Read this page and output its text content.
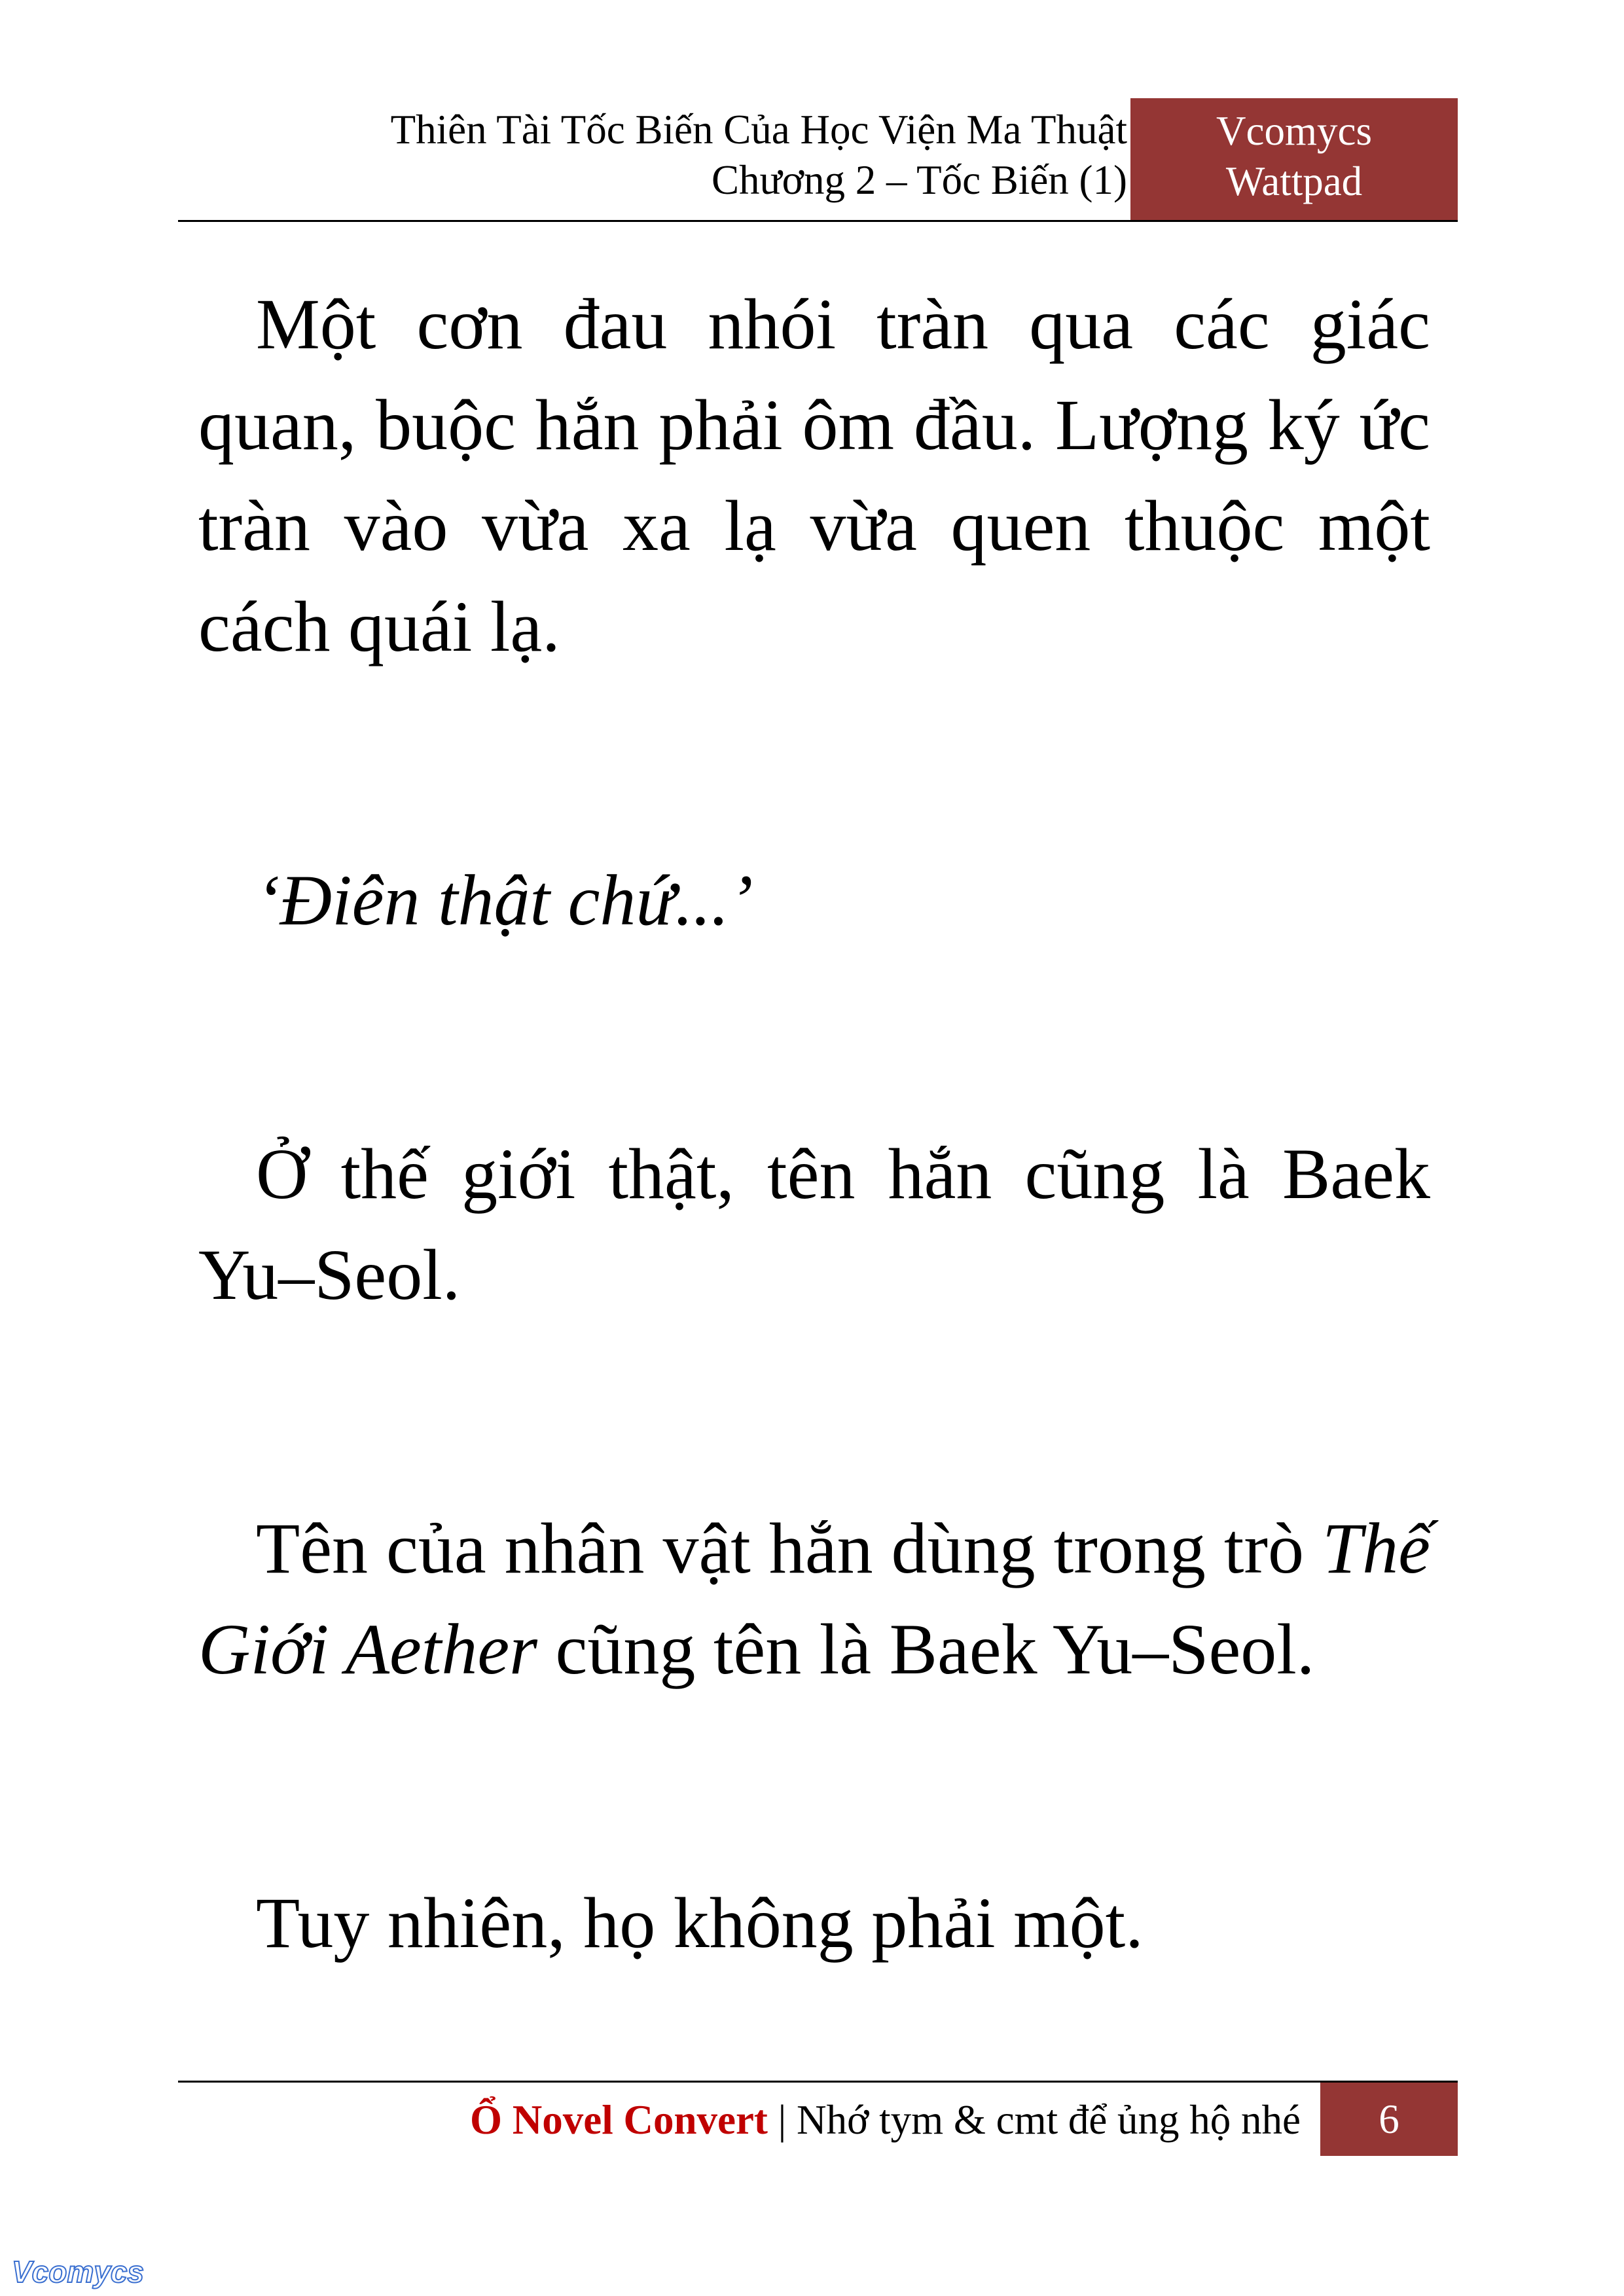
Thiên Tài Tốc Biến Của Học Viện Ma Thuật
Chương 2 – Tốc Biến (1)
Vcomycs
Wattpad

Một cơn đau nhói tràn qua các giác quan, buộc hắn phải ôm đầu. Lượng ký ức tràn vào vừa xa lạ vừa quen thuộc một cách quái lạ.

‘Điên thật chứ...’

Ở thế giới thật, tên hắn cũng là Baek Yu–Seol.

Tên của nhân vật hắn dùng trong trò Thế Giới Aether cũng tên là Baek Yu–Seol.

Tuy nhiên, họ không phải một.

Ổ Novel Convert | Nhớ tym & cmt để ủng hộ nhé	6
Vcomycs
